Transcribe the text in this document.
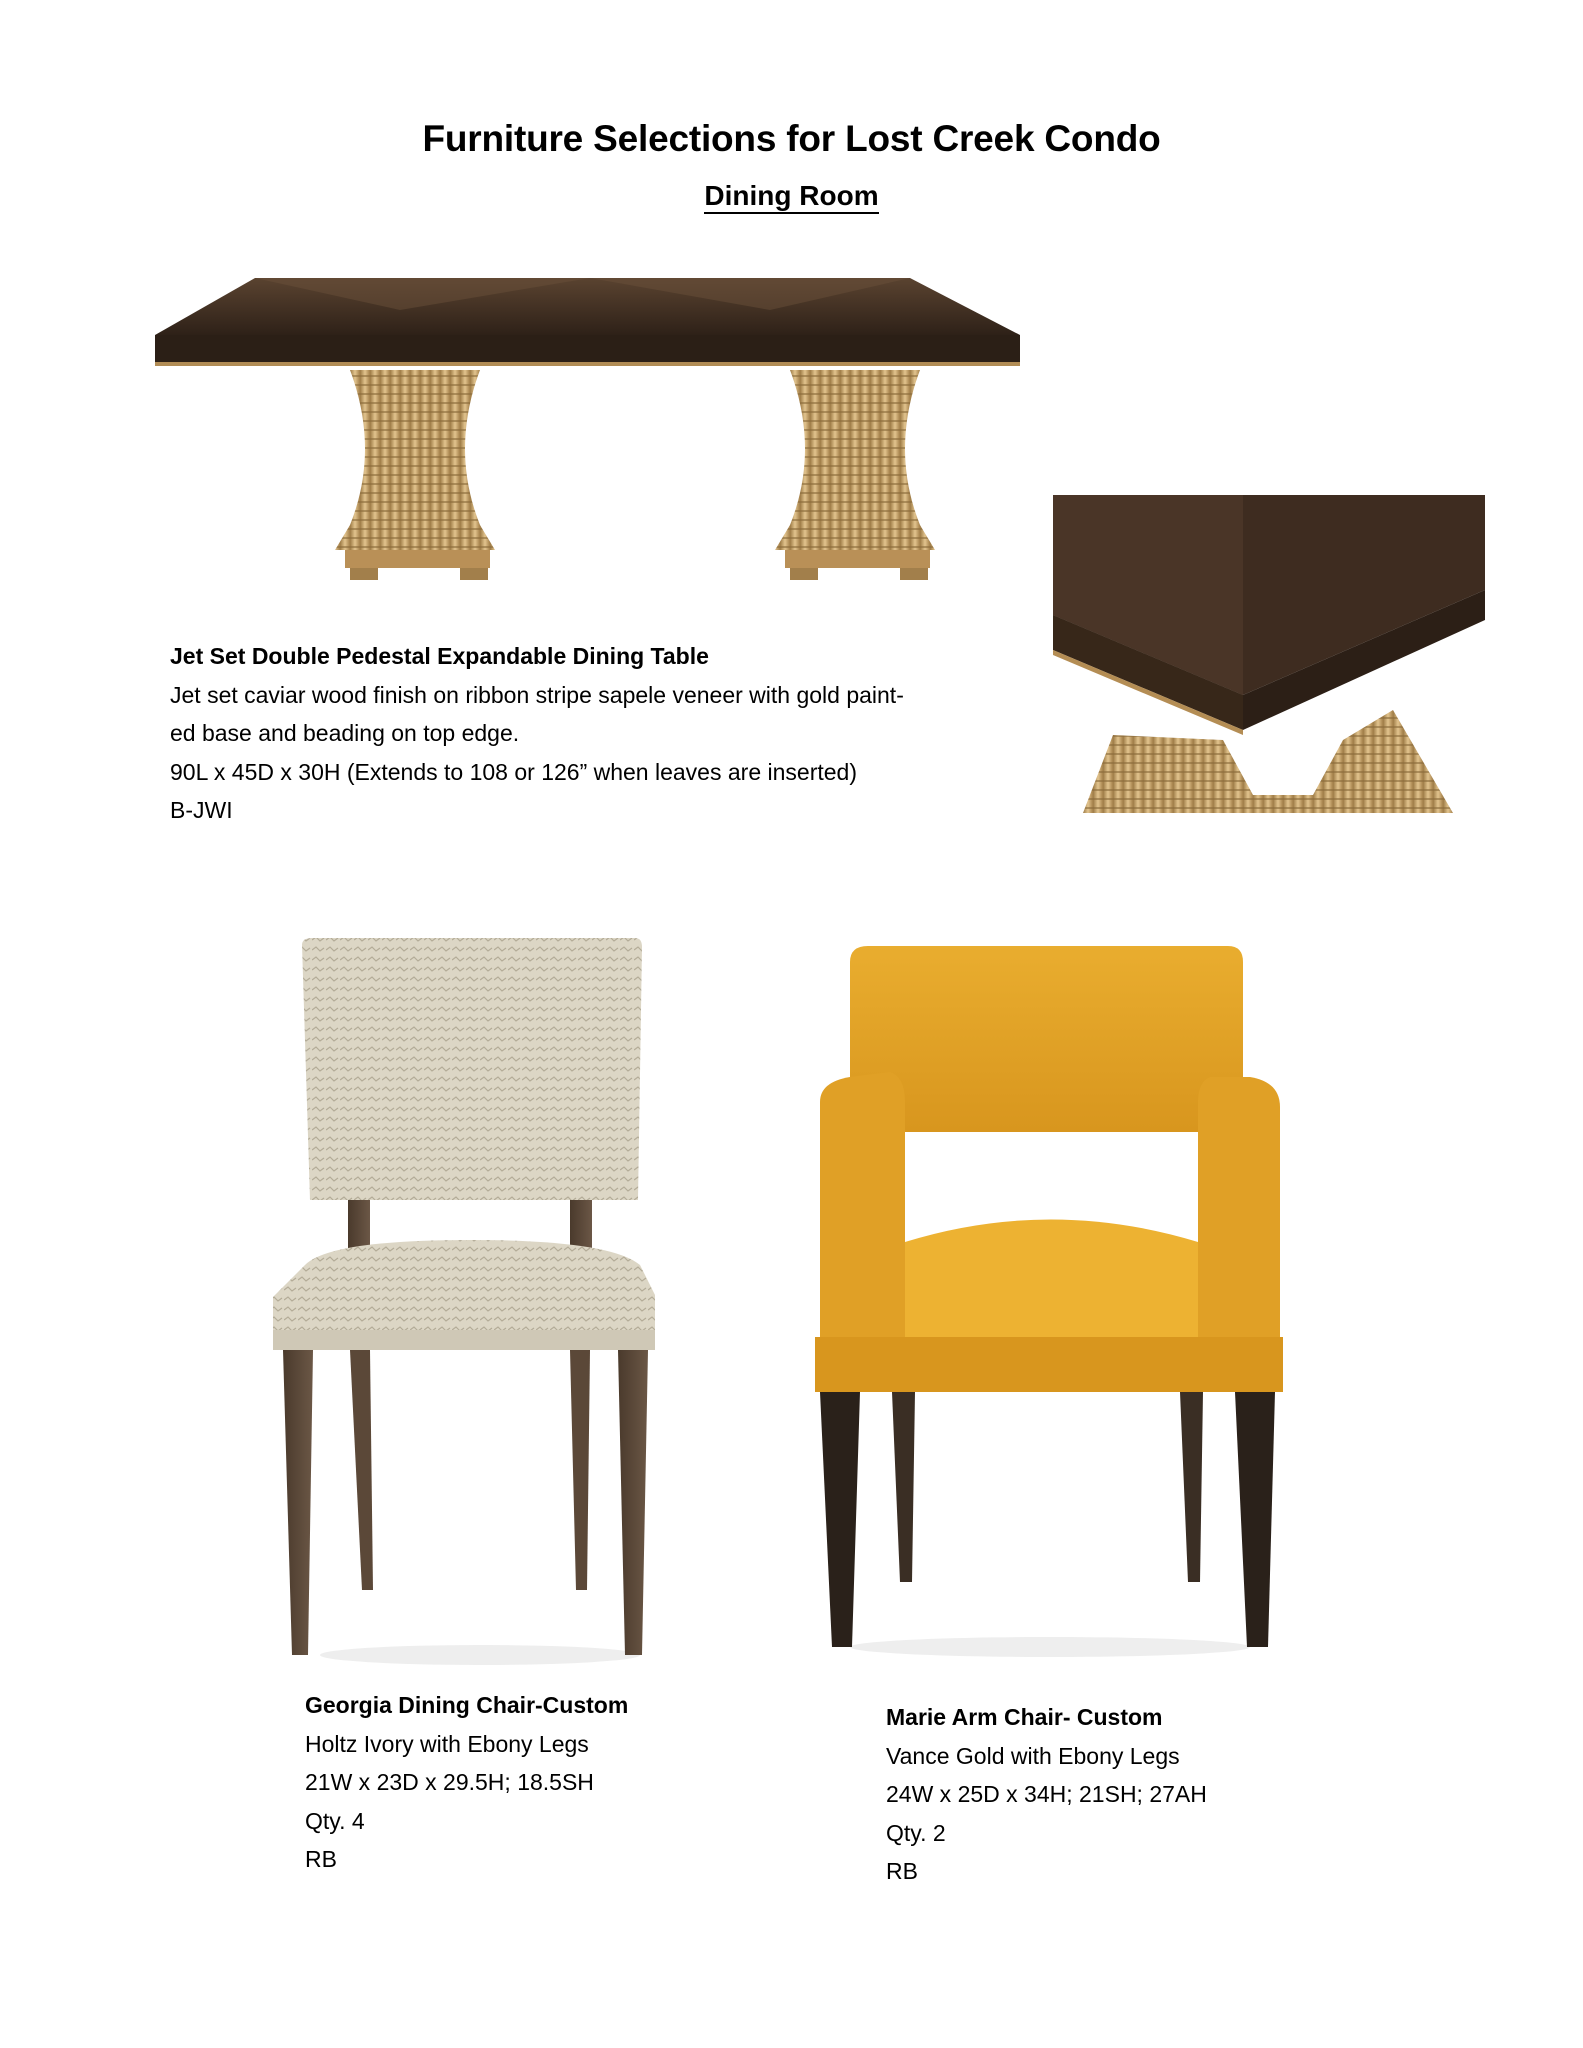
Furniture Selections for Lost Creek Condo
Dining Room
Jet Set Double Pedestal Expandable Dining Table
Jet set caviar wood finish on ribbon stripe sapele veneer with gold paint-
ed base and beading on top edge.
90L x 45D x 30H (Extends to 108 or 126” when leaves are inserted)
B-JWI
Georgia Dining Chair-Custom
Holtz Ivory with Ebony Legs
21W x 23D x 29.5H; 18.5SH
Qty. 4
RB
Marie Arm Chair- Custom
Vance Gold with Ebony Legs
24W x 25D x 34H; 21SH; 27AH
Qty. 2
RB
